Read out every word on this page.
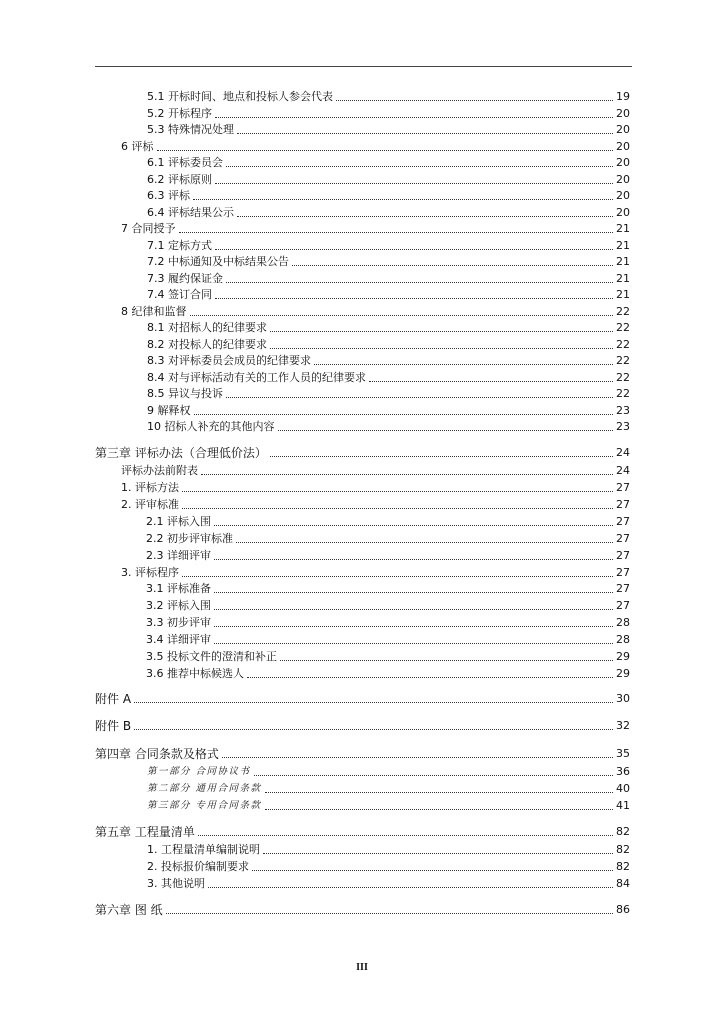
5.1 开标时间、地点和投标人参会代表	19
5.2 开标程序	20
5.3 特殊情况处理	20
6 评标	20
6.1 评标委员会	20
6.2 评标原则	20
6.3 评标	20
6.4 评标结果公示	20
7 合同授予	21
7.1 定标方式	21
7.2 中标通知及中标结果公告	21
7.3 履约保证金	21
7.4 签订合同	21
8 纪律和监督	22
8.1 对招标人的纪律要求	22
8.2 对投标人的纪律要求	22
8.3 对评标委员会成员的纪律要求	22
8.4 对与评标活动有关的工作人员的纪律要求	22
8.5 异议与投诉	22
9 解释权	23
10 招标人补充的其他内容	23
第三章 评标办法（合理低价法）	24
评标办法前附表	24
1. 评标方法	27
2. 评审标准	27
2.1 评标入围	27
2.2 初步评审标准	27
2.3 详细评审	27
3. 评标程序	27
3.1 评标准备	27
3.2 评标入围	27
3.3 初步评审	28
3.4 详细评审	28
3.5 投标文件的澄清和补正	29
3.6 推荐中标候选人	29
附件 A	30
附件 B	32
第四章 合同条款及格式	35
第一部分 合同协议书	36
第二部分 通用合同条款	40
第三部分 专用合同条款	41
第五章 工程量清单	82
1. 工程量清单编制说明	82
2. 投标报价编制要求	82
3. 其他说明	84
第六章 图 纸	86
III
